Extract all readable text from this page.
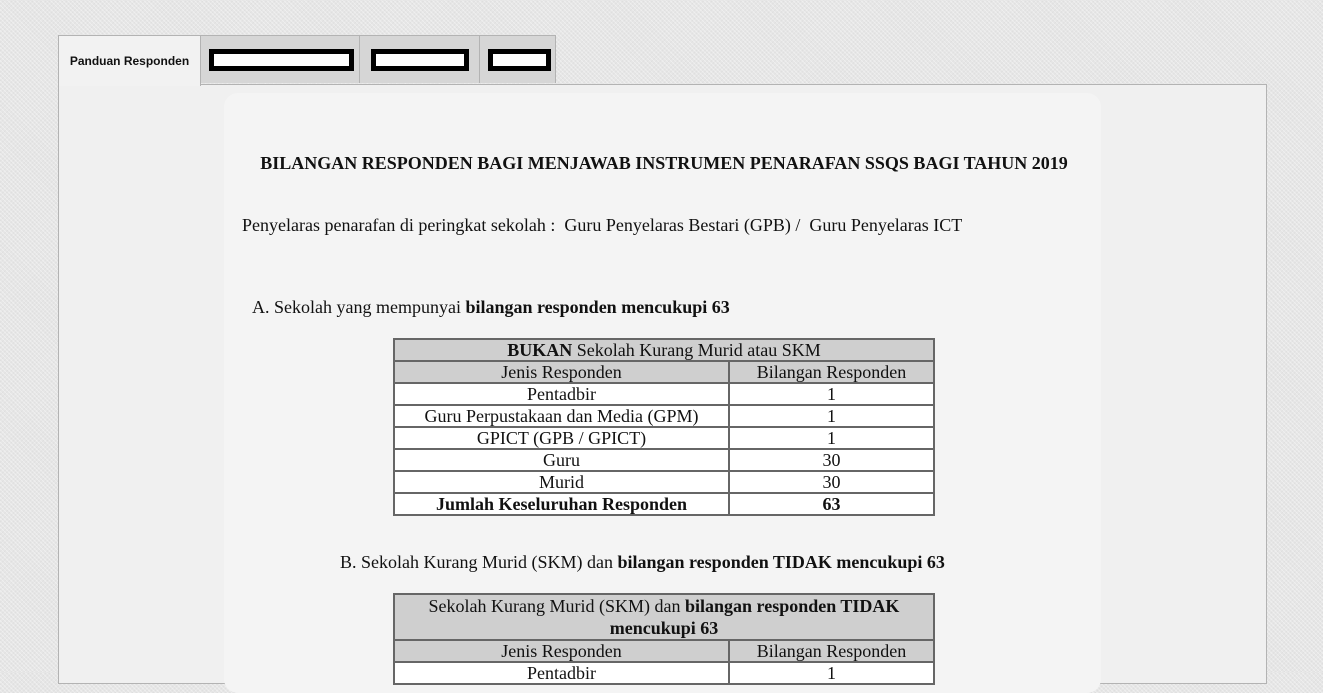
Panduan Responden
BILANGAN RESPONDEN BAGI MENJAWAB INSTRUMEN PENARAFAN SSQS BAGI TAHUN 2019
Penyelaras penarafan di peringkat sekolah :  Guru Penyelaras Bestari (GPB) /  Guru Penyelaras ICT
A. Sekolah yang mempunyai bilangan responden mencukupi 63
BUKAN Sekolah Kurang Murid atau SKM	
Jenis Responden	Bilangan Responden
Pentadbir	1
Guru Perpustakaan dan Media (GPM)	1
GPICT (GPB / GPICT)	1
Guru	30
Murid	30
Jumlah Keseluruhan Responden	63
B. Sekolah Kurang Murid (SKM) dan bilangan responden TIDAK mencukupi 63
Sekolah Kurang Murid (SKM) dan bilangan responden TIDAK mencukupi 63	
Jenis Responden	Bilangan Responden
Pentadbir	1
